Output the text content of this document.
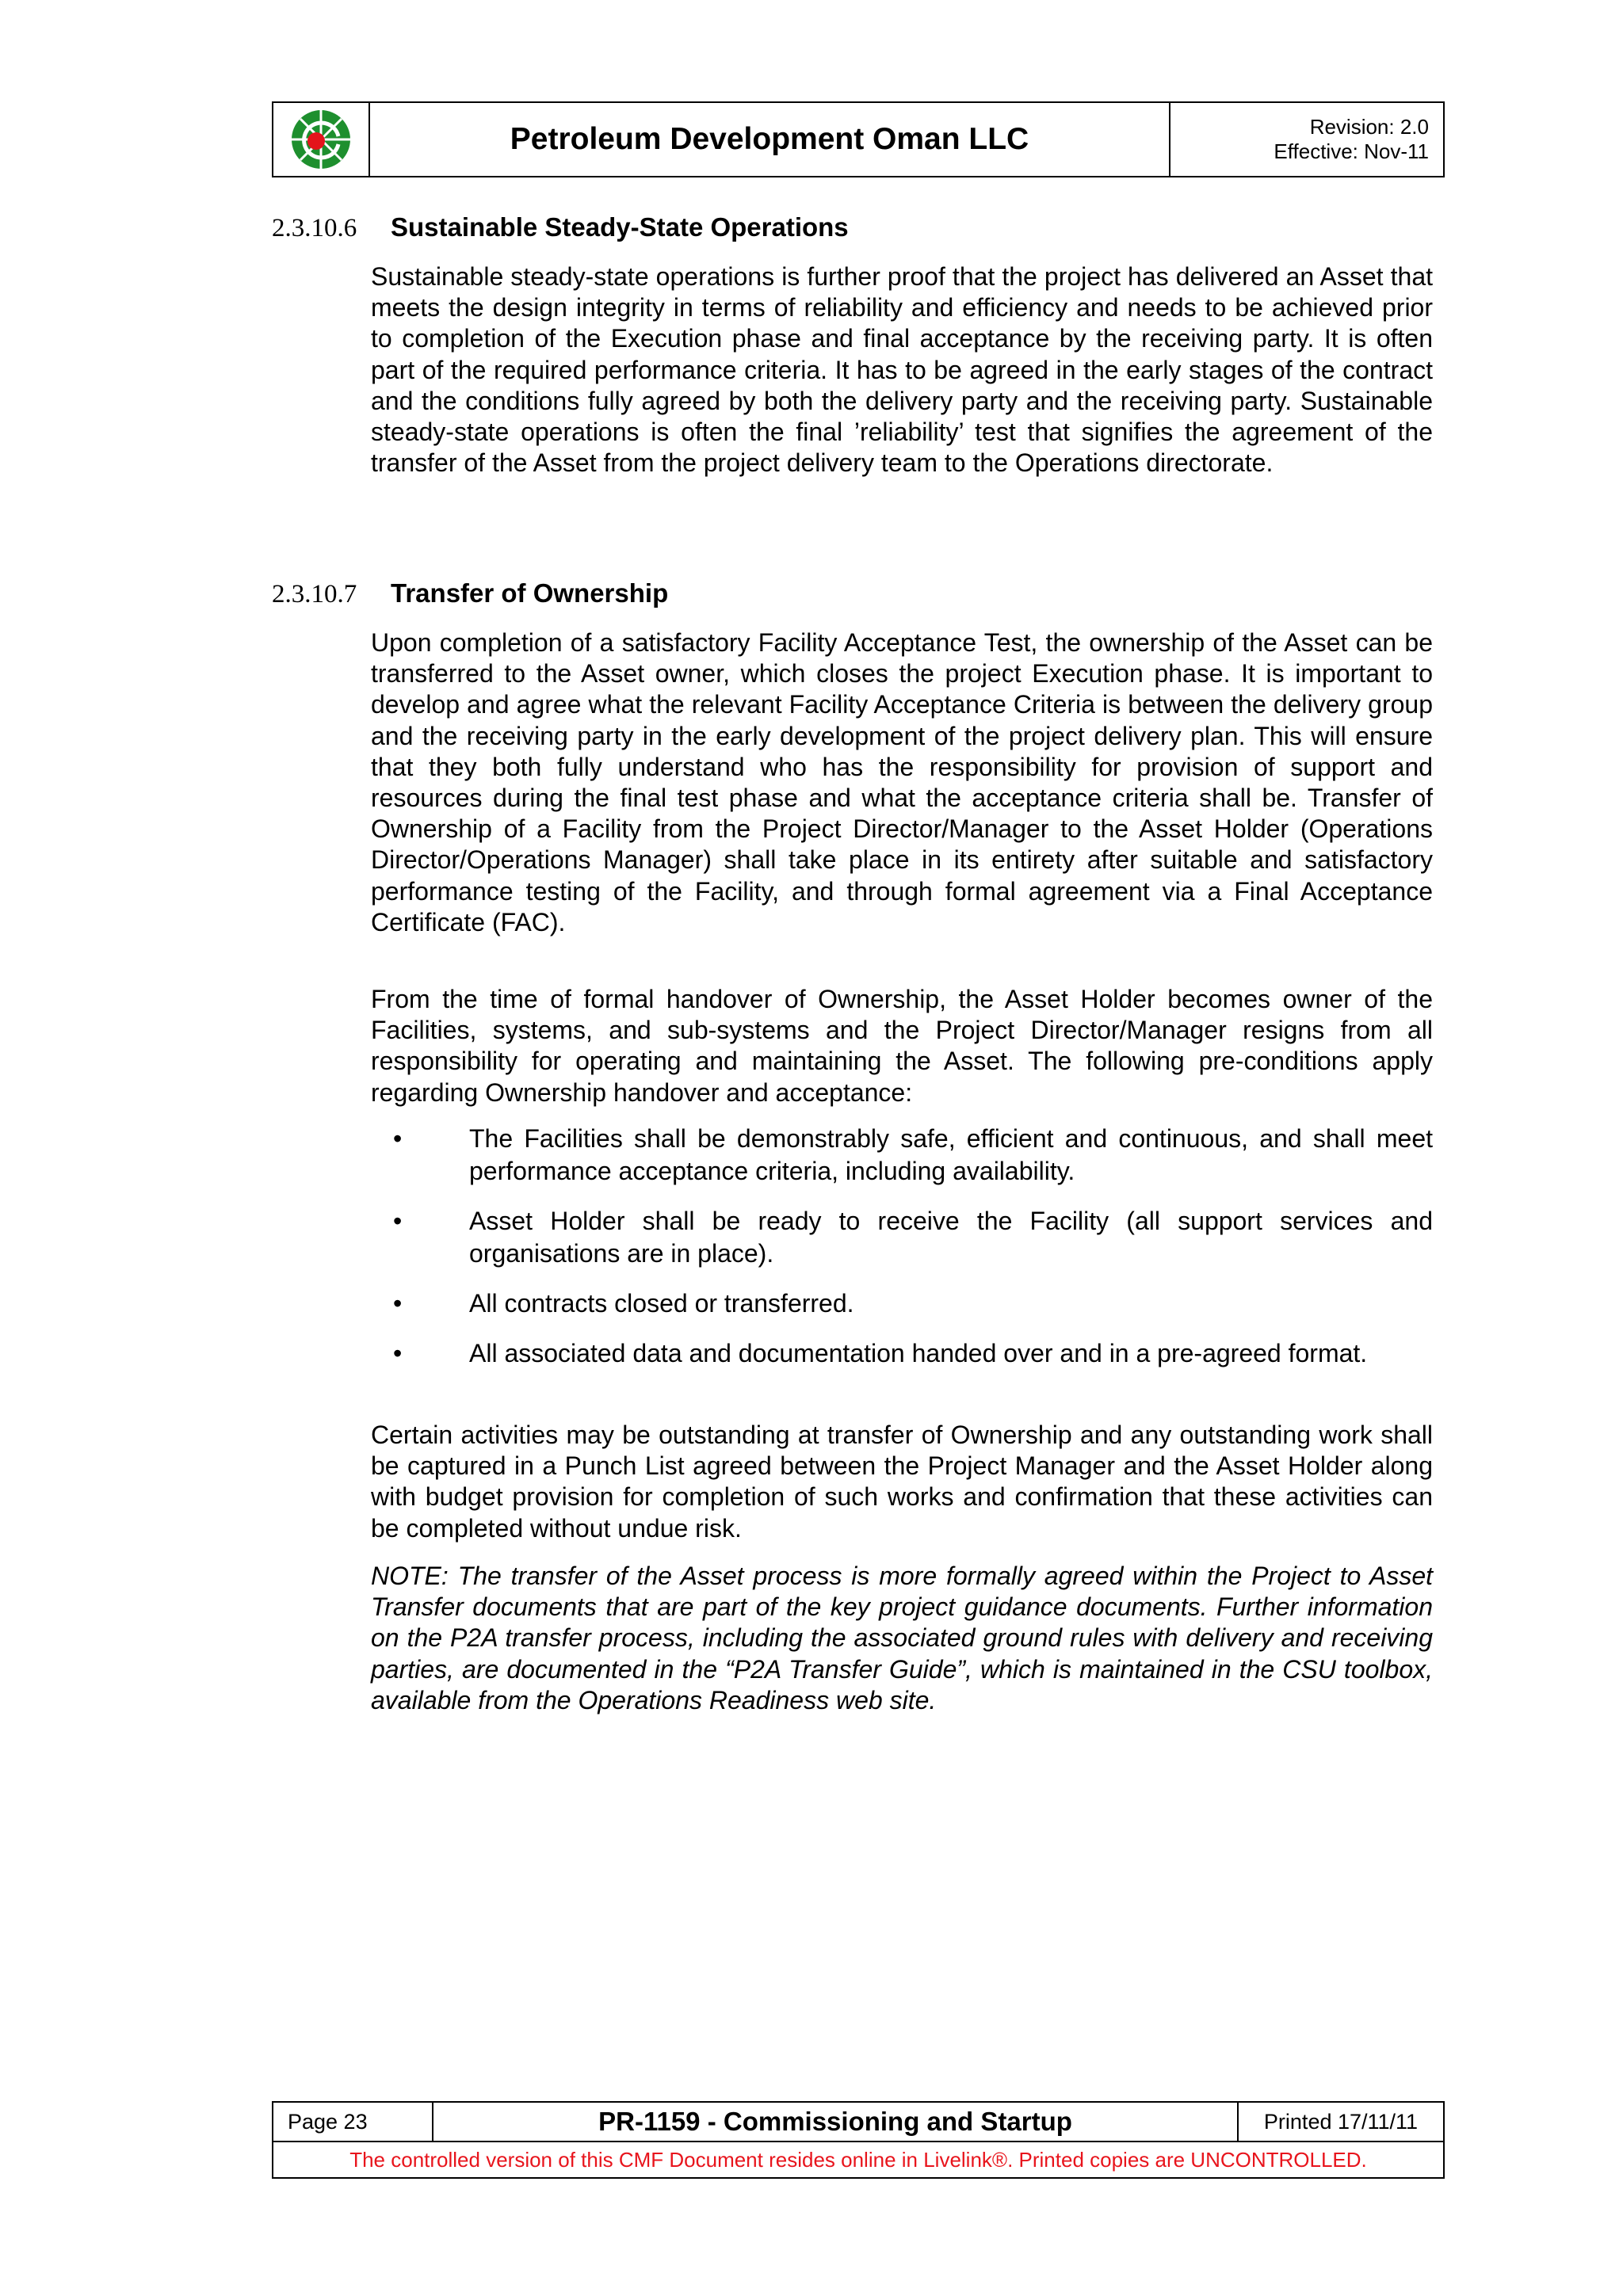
Petroleum Development Oman LLC	Revision: 2.0
Effective: Nov-11
2.3.10.6 Sustainable Steady-State Operations
Sustainable steady-state operations is further proof that the project has delivered an Asset that meets the design integrity in terms of reliability and efficiency and needs to be achieved prior to completion of the Execution phase and final acceptance by the receiving party. It is often part of the required performance criteria. It has to be agreed in the early stages of the contract and the conditions fully agreed by both the delivery party and the receiving party. Sustainable steady-state operations is often the final ’reliability’ test that signifies the agreement of the transfer of the Asset from the project delivery team to the Operations directorate.
2.3.10.7 Transfer of Ownership
Upon completion of a satisfactory Facility Acceptance Test, the ownership of the Asset can be transferred to the Asset owner, which closes the project Execution phase. It is important to develop and agree what the relevant Facility Acceptance Criteria is between the delivery group and the receiving party in the early development of the project delivery plan. This will ensure that they both fully understand who has the responsibility for provision of support and resources during the final test phase and what the acceptance criteria shall be. Transfer of Ownership of a Facility from the Project Director/Manager to the Asset Holder (Operations Director/Operations Manager) shall take place in its entirety after suitable and satisfactory performance testing of the Facility, and through formal agreement via a Final Acceptance Certificate (FAC).
From the time of formal handover of Ownership, the Asset Holder becomes owner of the Facilities, systems, and sub-systems and the Project Director/Manager resigns from all responsibility for operating and maintaining the Asset. The following pre-conditions apply regarding Ownership handover and acceptance:
•	The Facilities shall be demonstrably safe, efficient and continuous, and shall meet performance acceptance criteria, including availability.
•	Asset Holder shall be ready to receive the Facility (all support services and organisations are in place).
•	All contracts closed or transferred.
•	All associated data and documentation handed over and in a pre-agreed format.
Certain activities may be outstanding at transfer of Ownership and any outstanding work shall be captured in a Punch List agreed between the Project Manager and the Asset Holder along with budget provision for completion of such works and confirmation that these activities can be completed without undue risk.
NOTE: The transfer of the Asset process is more formally agreed within the Project to Asset Transfer documents that are part of the key project guidance documents. Further information on the P2A transfer process, including the associated ground rules with delivery and receiving parties, are documented in the “P2A Transfer Guide”, which is maintained in the CSU toolbox, available from the Operations Readiness web site.
Page 23	PR-1159 - Commissioning and Startup	Printed 17/11/11
The controlled version of this CMF Document resides online in Livelink®. Printed copies are UNCONTROLLED.
